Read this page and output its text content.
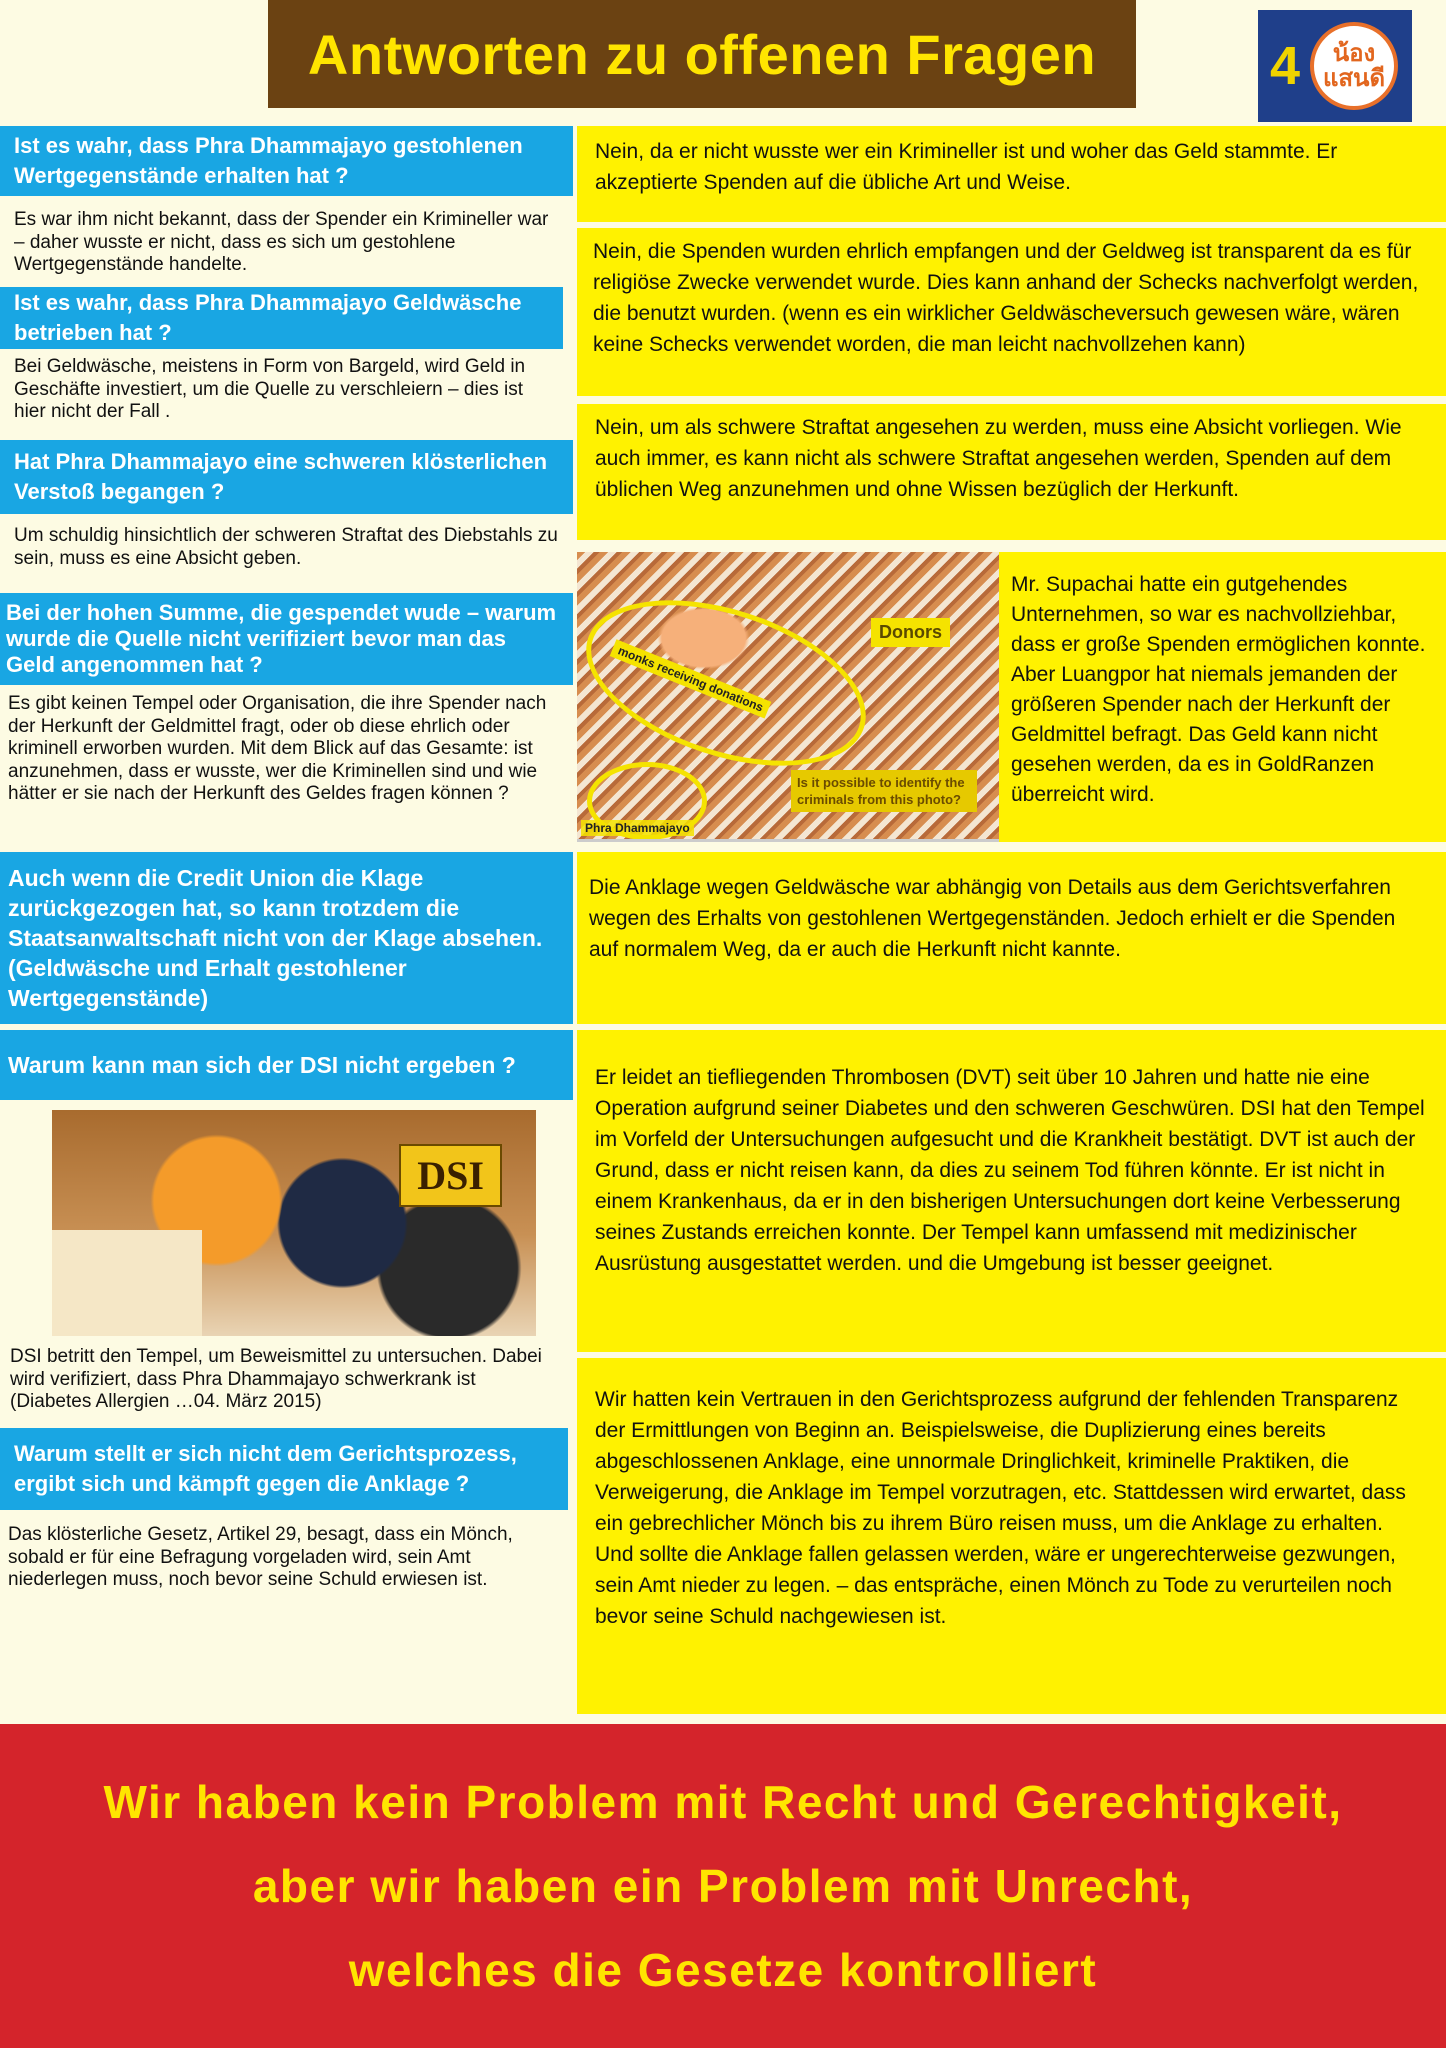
Antworten zu offenen Fragen	4	น้อง
แสนดี
Ist es wahr, dass Phra Dhammajayo gestohlenen Wertgegenstände erhalten hat ?
Es war ihm nicht bekannt, dass der Spender ein Krimineller war – daher wusste er nicht, dass es sich um gestohlene Wertgegenstände handelte.
Ist es wahr, dass Phra Dhammajayo Geldwäsche betrieben hat ?
Bei Geldwäsche, meistens in Form von Bargeld, wird Geld in Geschäfte investiert, um die Quelle zu verschleiern – dies ist hier nicht der Fall .
Hat Phra Dhammajayo eine schweren klösterlichen Verstoß begangen ?
Um schuldig hinsichtlich der schweren Straftat des Diebstahls zu sein, muss es eine Absicht geben.
Bei der hohen Summe, die gespendet wude – warum wurde die Quelle nicht verifiziert bevor man das Geld angenommen hat ?
Es gibt keinen Tempel oder Organisation, die ihre Spender nach der Herkunft der Geldmittel fragt, oder ob diese ehrlich oder kriminell erworben wurden. Mit dem Blick auf das Gesamte: ist anzunehmen, dass er wusste, wer die Kriminellen sind und wie hätter er sie nach der Herkunft des Geldes fragen können ?
Auch wenn die Credit Union die Klage zurückgezogen hat, so kann trotzdem die Staatsanwaltschaft nicht von der Klage absehen. (Geldwäsche und Erhalt gestohlener Wertgegenstände)
Warum kann man sich der DSI nicht ergeben ?
DSI
DSI betritt den Tempel, um Beweismittel zu untersuchen. Dabei wird verifiziert, dass Phra Dhammajayo schwerkrank ist (Diabetes Allergien …04. März 2015)
Warum stellt er sich nicht dem Gerichtsprozess, ergibt sich und kämpft gegen die Anklage ?
Das klösterliche Gesetz, Artikel 29, besagt, dass ein Mönch, sobald er für eine Befragung vorgeladen wird, sein Amt niederlegen muss, noch bevor seine Schuld erwiesen ist.
Nein, da er nicht wusste wer ein Krimineller ist und woher das Geld stammte. Er akzeptierte Spenden auf die übliche Art und Weise.
Nein, die Spenden wurden ehrlich empfangen und der Geldweg ist transparent da es für religiöse Zwecke verwendet wurde. Dies kann anhand der Schecks nachverfolgt werden, die benutzt wurden. (wenn es ein wirklicher Geldwäscheversuch gewesen wäre, wären keine Schecks verwendet worden, die man leicht nachvollzehen kann)
Nein, um als schwere Straftat angesehen zu werden, muss eine Absicht vorliegen. Wie auch immer, es kann nicht als schwere Straftat angesehen werden, Spenden auf dem üblichen Weg anzunehmen und ohne Wissen bezüglich der Herkunft.
Donors
monks receiving donations
Is it possible to identify the criminals from this photo?
Phra Dhammajayo
Mr. Supachai hatte ein gutgehendes Unternehmen, so war es nachvollziehbar, dass er große Spenden ermöglichen konnte. Aber Luangpor hat niemals jemanden der größeren Spender nach der Herkunft der Geldmittel befragt. Das Geld kann nicht gesehen werden, da es in GoldRanzen überreicht wird.
Die Anklage wegen Geldwäsche war abhängig von Details aus dem Gerichtsverfahren wegen des Erhalts von gestohlenen Wertgegenständen. Jedoch erhielt er die Spenden auf normalem Weg, da er auch die Herkunft nicht kannte.
Er leidet an tiefliegenden Thrombosen (DVT) seit über 10 Jahren und hatte nie eine Operation aufgrund seiner Diabetes und den schweren Geschwüren. DSI hat den Tempel im Vorfeld der Untersuchungen aufgesucht und die Krankheit bestätigt. DVT ist auch der Grund, dass er nicht reisen kann, da dies zu seinem Tod führen könnte. Er ist nicht in einem Krankenhaus, da er in den bisherigen Untersuchungen dort keine Verbesserung seines Zustands erreichen konnte. Der Tempel kann umfassend mit medizinischer Ausrüstung ausgestattet werden. und die Umgebung ist besser geeignet.
Wir hatten kein Vertrauen in den Gerichtsprozess aufgrund der fehlenden Transparenz der Ermittlungen von Beginn an. Beispielsweise, die Duplizierung eines bereits abgeschlossenen Anklage, eine unnormale Dringlichkeit, kriminelle Praktiken, die Verweigerung, die Anklage im Tempel vorzutragen, etc. Stattdessen wird erwartet, dass ein gebrechlicher Mönch bis zu ihrem Büro reisen muss, um die Anklage zu erhalten. Und sollte die Anklage fallen gelassen werden, wäre er ungerechterweise gezwungen, sein Amt nieder zu legen. – das entspräche, einen Mönch zu Tode zu verurteilen noch bevor seine Schuld nachgewiesen ist.

Wir haben kein Problem mit Recht und Gerechtigkeit,

aber wir haben ein Problem mit Unrecht,

welches die Gesetze kontrolliert
